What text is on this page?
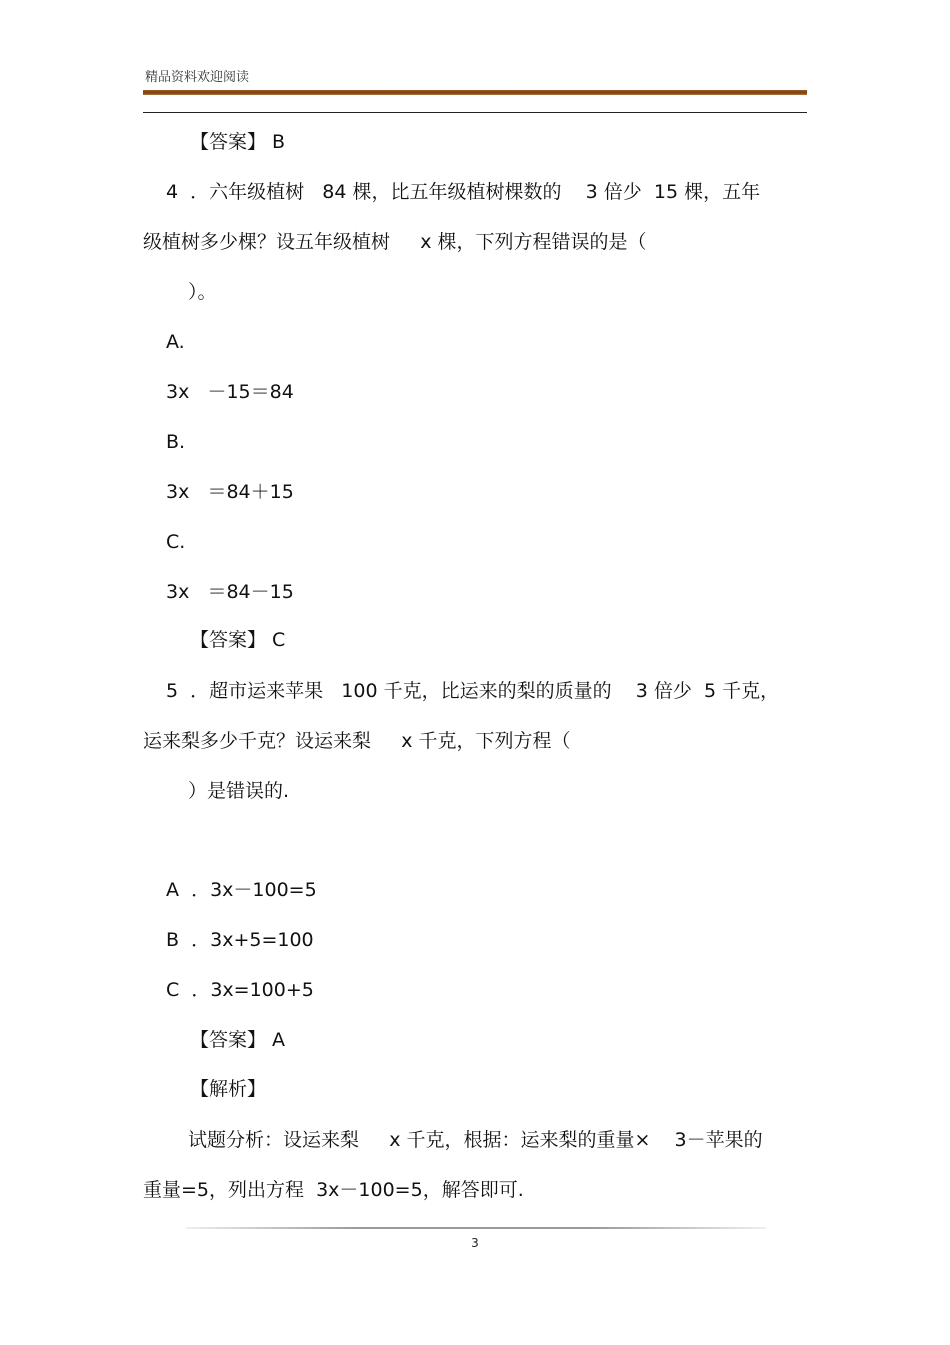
精品资料欢迎阅读
【答案】 B
4  ．六年级植树   84 棵，比五年级植树棵数的    3 倍少  15 棵，五年
级植树多少棵？设五年级植树     x 棵，下列方程错误的是（
）。
A.
3x   －15＝84
B.
3x   ＝84＋15
C.
3x   ＝84－15
【答案】 C
5  ．超市运来苹果   100 千克，比运来的梨的质量的    3 倍少  5 千克，
运来梨多少千克？设运来梨     x 千克，下列方程（
）是错误的.
A  ．3x－100=5
B  ．3x+5=100
C  ．3x=100+5
【答案】 A
【解析】
试题分析：设运来梨     x 千克，根据：运来梨的重量×    3－苹果的
重量=5，列出方程  3x－100=5，解答即可.
3
